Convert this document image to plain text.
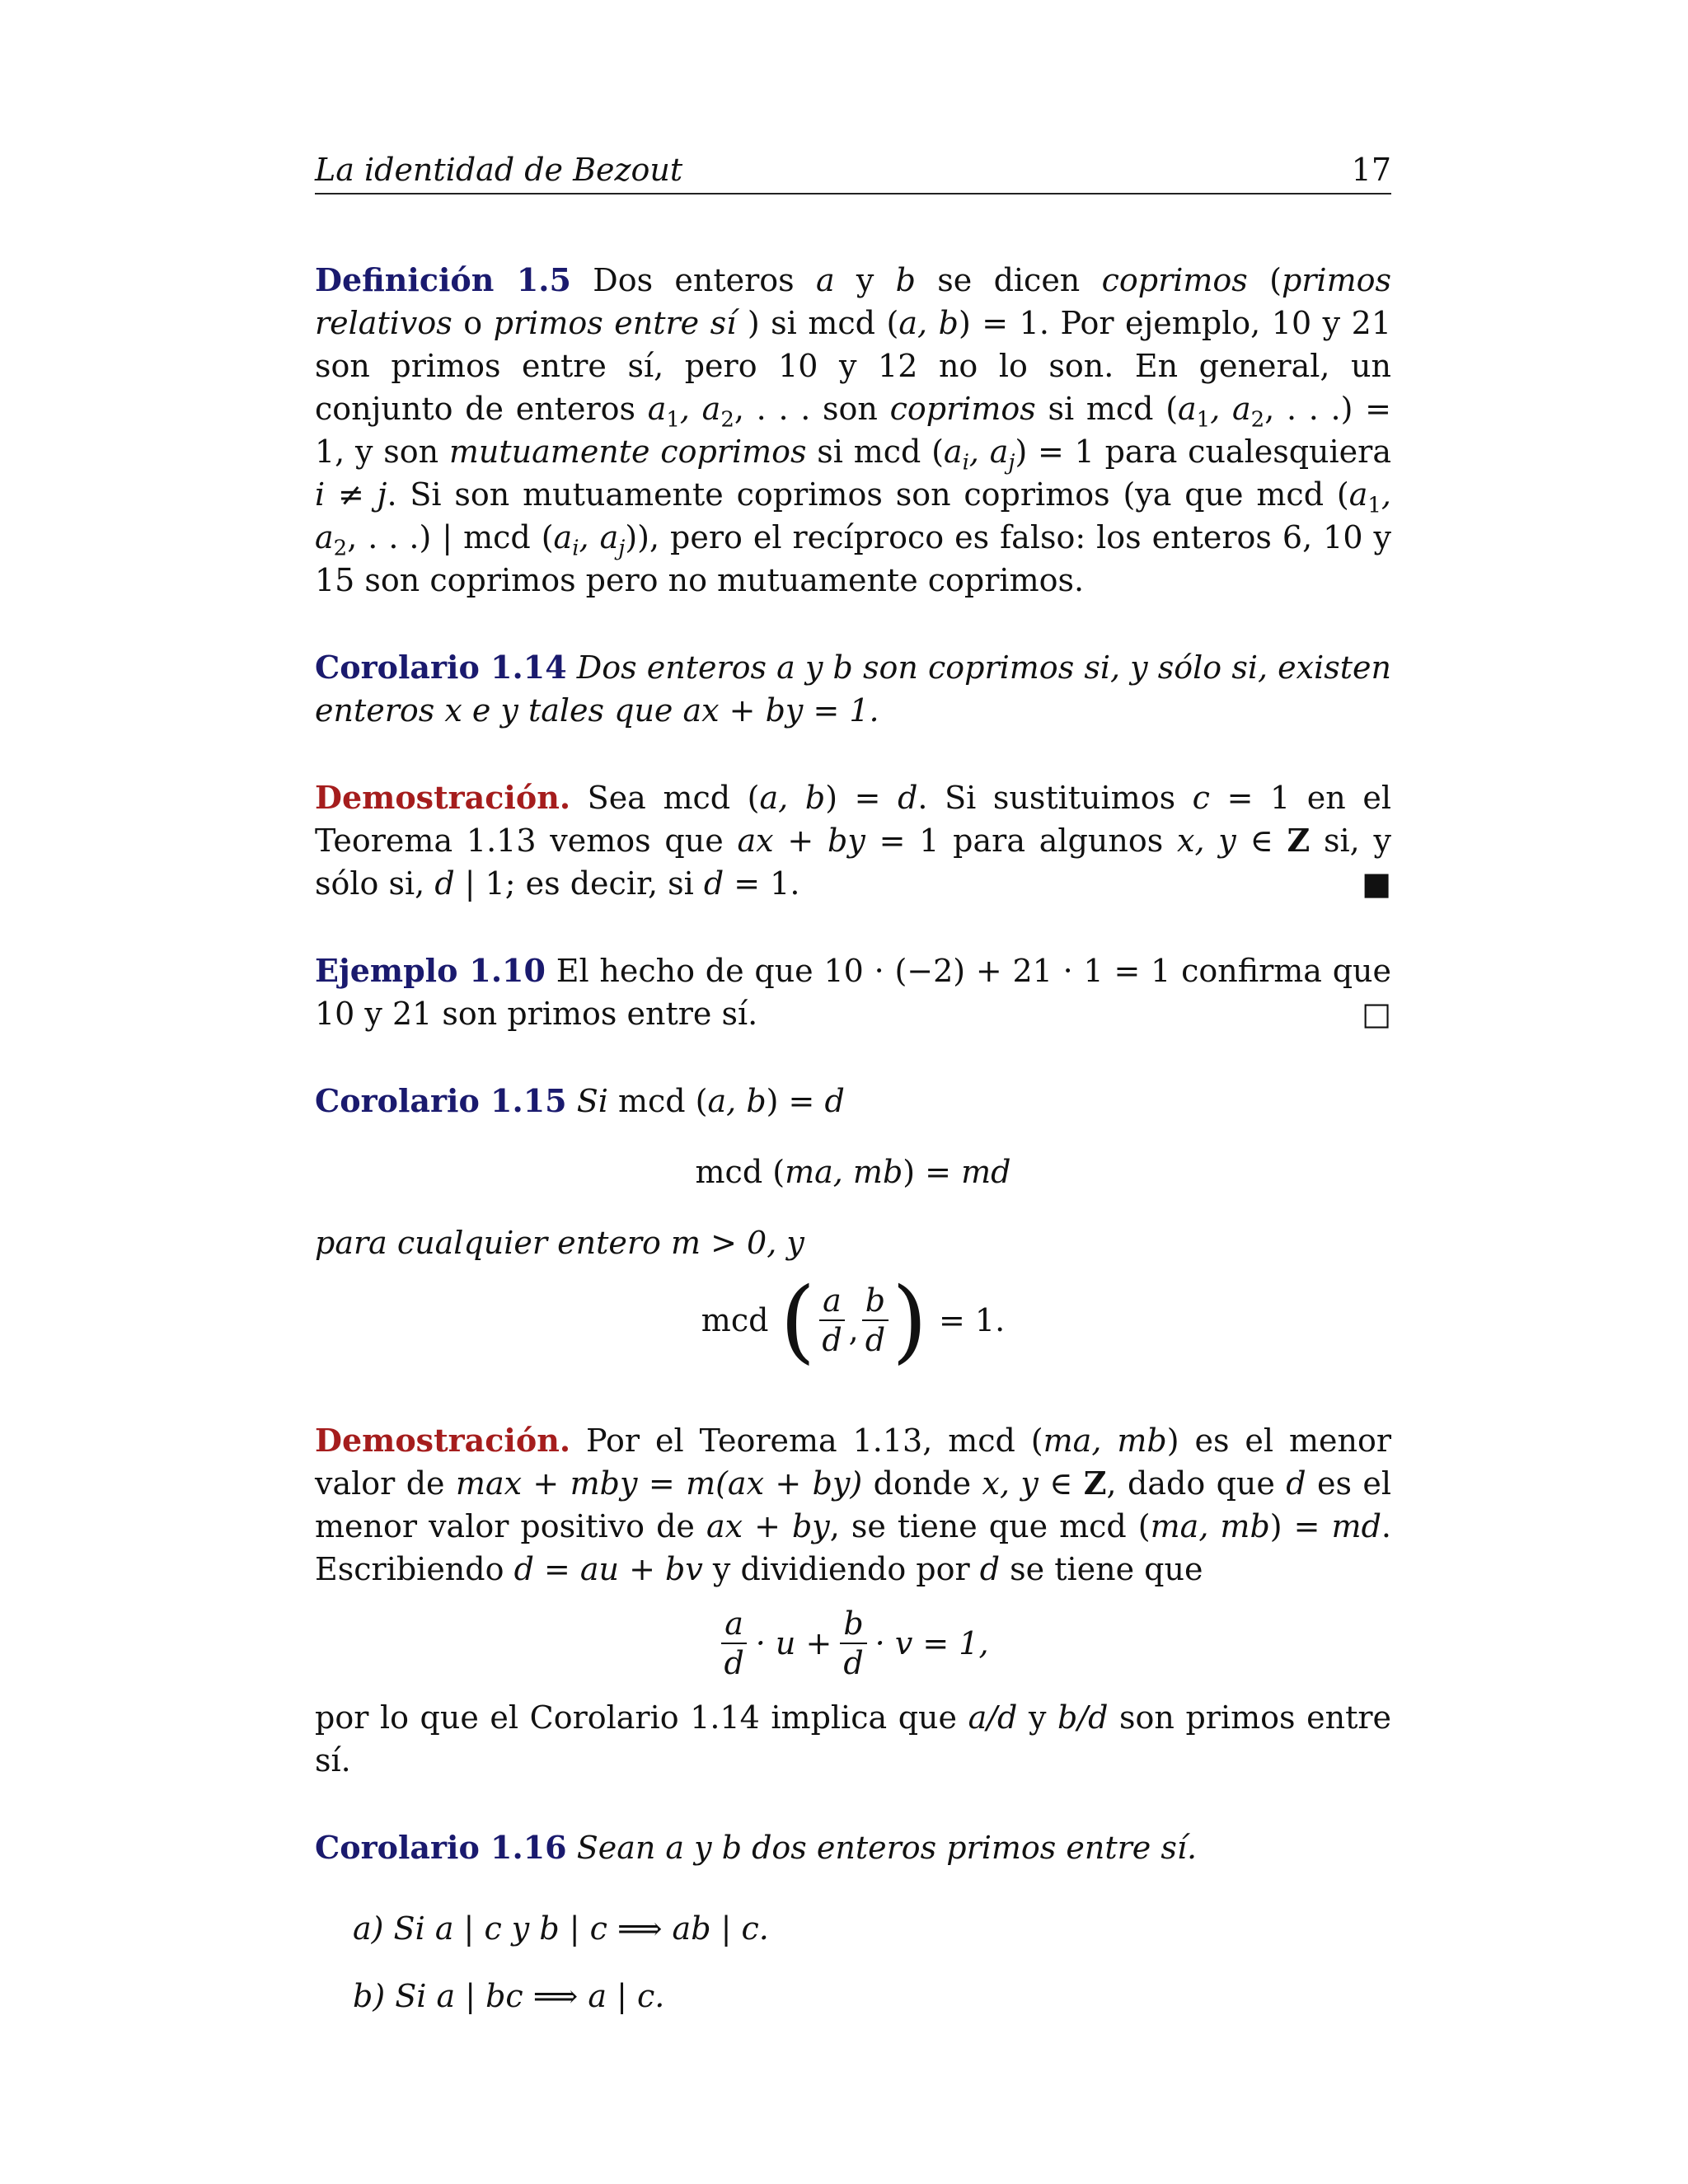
La identidad de Bezout	17

Definición 1.5 Dos enteros a y b se dicen coprimos (primos relativos o primos entre sí ) si mcd (a, b) = 1. Por ejemplo, 10 y 21 son primos entre sí, pero 10 y 12 no lo son. En general, un conjunto de enteros $a_1$, $a_2$, . . . son coprimos si mcd ($a_1$, $a_2$, . . .) = 1, y son mutuamente coprimos si mcd ($a_i$, $a_j) = 1$ para cualesquiera i ≠ j. Si son mutuamente coprimos son coprimos (ya que mcd ($a_1$, $a_2$, . . .) | mcd ($a_i$, $a_j$)), pero el recíproco es falso: los enteros 6, 10 y 15 son coprimos pero no mutuamente coprimos.

Corolario 1.14 Dos enteros a y b son coprimos si, y sólo si, existen enteros x e y tales que ax + by = 1.

Demostración. Sea mcd (a, b) = d. Si sustituimos c = 1 en el Teorema 1.13 vemos que ax + by = 1 para algunos x, y ∈ Z si, y sólo si, d | 1; es decir, si d = 1.	■

Ejemplo 1.10 El hecho de que 10 · (−2) + 21 · 1 = 1 confirma que 10 y 21 son primos entre sí.	□

Corolario 1.15 Si mcd (a, b) = d

mcd (ma, mb) = md

para cualquier entero m > 0, y

mcd ( $\frac{a}{d}$ , $\frac{b}{d}$ ) = 1.

Demostración. Por el Teorema 1.13, mcd (ma, mb) es el menor valor de max + mby = m(ax + by) donde x, y ∈ Z, dado que d es el menor valor positivo de ax + by, se tiene que mcd (ma, mb) = md. Escribiendo d = au + bv y dividiendo por d se tiene que

$\frac{a}{d} \cdot u + \frac{b}{d} \cdot v = 1$,

por lo que el Corolario 1.14 implica que a/d y b/d son primos entre sí.

Corolario 1.16 Sean a y b dos enteros primos entre sí.

a) Si a | c y b | c ⟹ ab | c.
b) Si a | bc ⟹ a | c.
